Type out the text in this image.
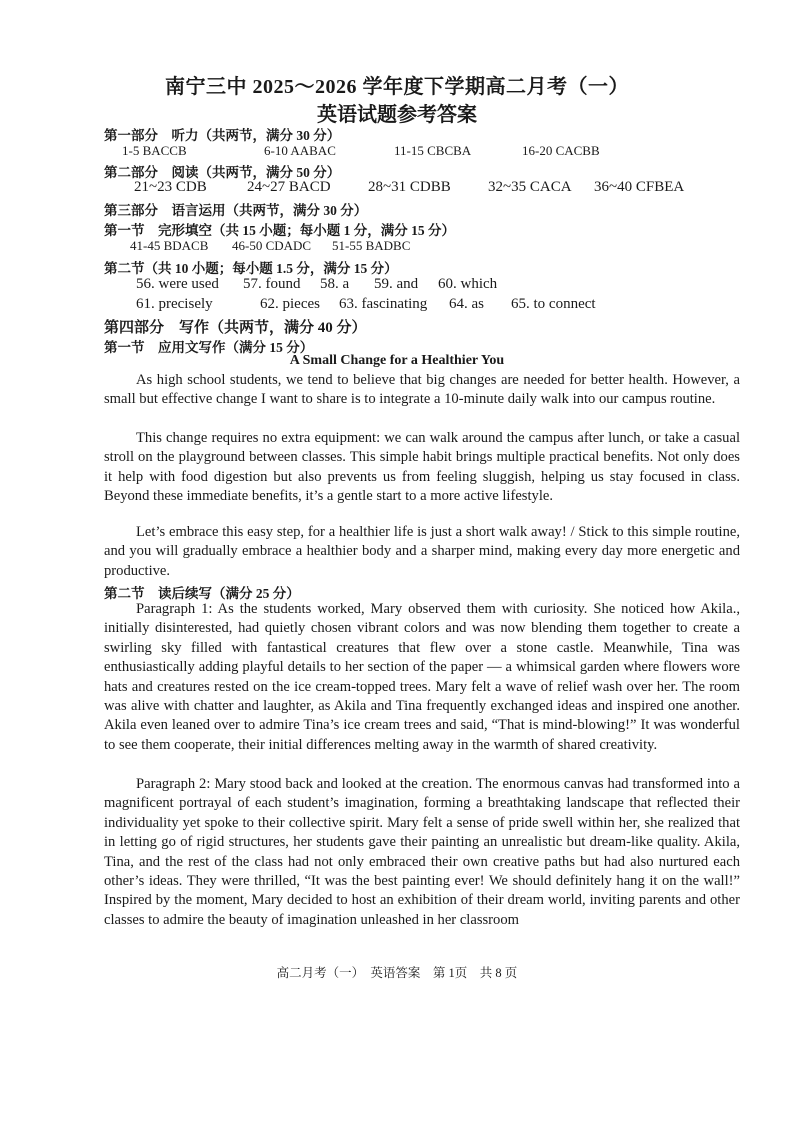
南宁三中 2025～2026 学年度下学期高二月考（一）
英语试题参考答案
第一部分　听力（共两节，满分 30 分）
1-5 BACCB	6-10 AABAC	11-15 CBCBA	16-20 CACBB
第二部分　阅读（共两节，满分 50 分）
21~23 CDB	24~27 BACD 28~31 CDBB 32~35 CACA 36~40 CFBEA
第三部分　语言运用（共两节，满分 30 分）
第一节　完形填空（共 15 小题；每小题 1 分，满分 15 分）
41-45 BDACB 46-50 CDADC 51-55 BADBC
第二节（共 10 小题；每小题 1.5 分，满分 15 分）
56. were used 57. found 58. a 59. and 60. which
61. precisely	62. pieces 63. fascinating 64. as 65. to connect
第四部分　写作（共两节，满分 40 分）
第一节　应用文写作（满分 15 分）
A Small Change for a Healthier You

As high school students, we tend to believe that big changes are needed for better health. However, a small but effective change I want to share is to integrate a 10-minute daily walk into our campus routine.

This change requires no extra equipment: we can walk around the campus after lunch, or take a casual stroll on the playground between classes. This simple habit brings multiple practical benefits. Not only does it help with food digestion but also prevents us from feeling sluggish, helping us stay focused in class. Beyond these immediate benefits, it’s a gentle start to a more active lifestyle.

Let’s embrace this easy step, for a healthier life is just a short walk away! / Stick to this simple routine, and you will gradually embrace a healthier body and a sharper mind, making every day more energetic and productive.

第二节　读后续写（满分 25 分）

Paragraph 1: As the students worked, Mary observed them with curiosity. She noticed how Akila., initially disinterested, had quietly chosen vibrant colors and was now blending them together to create a swirling sky filled with fantastical creatures that flew over a stone castle. Meanwhile, Tina was enthusiastically adding playful details to her section of the paper — a whimsical garden where flowers wore hats and creatures rested on the ice cream-topped trees. Mary felt a wave of relief wash over her. The room was alive with chatter and laughter, as Akila and Tina frequently exchanged ideas and inspired one another. Akila even leaned over to admire Tina’s ice cream trees and said, “That is mind-blowing!” It was wonderful to see them cooperate, their initial differences melting away in the warmth of shared creativity.

Paragraph 2: Mary stood back and looked at the creation. The enormous canvas had transformed into a magnificent portrayal of each student’s imagination, forming a breathtaking landscape that reflected their individuality yet spoke to their collective spirit. Mary felt a sense of pride swell within her, she realized that in letting go of rigid structures, her students gave their painting an unrealistic but dream-like quality. Akila, Tina, and the rest of the class had not only embraced their own creative paths but had also nurtured each other’s ideas. They were thrilled, “It was the best painting ever! We should definitely hang it on the wall!” Inspired by the moment, Mary decided to host an exhibition of their dream world, inviting parents and other classes to admire the beauty of imagination unleashed in her classroom

高二月考（一）　英语答案　第 1页　共 8 页
